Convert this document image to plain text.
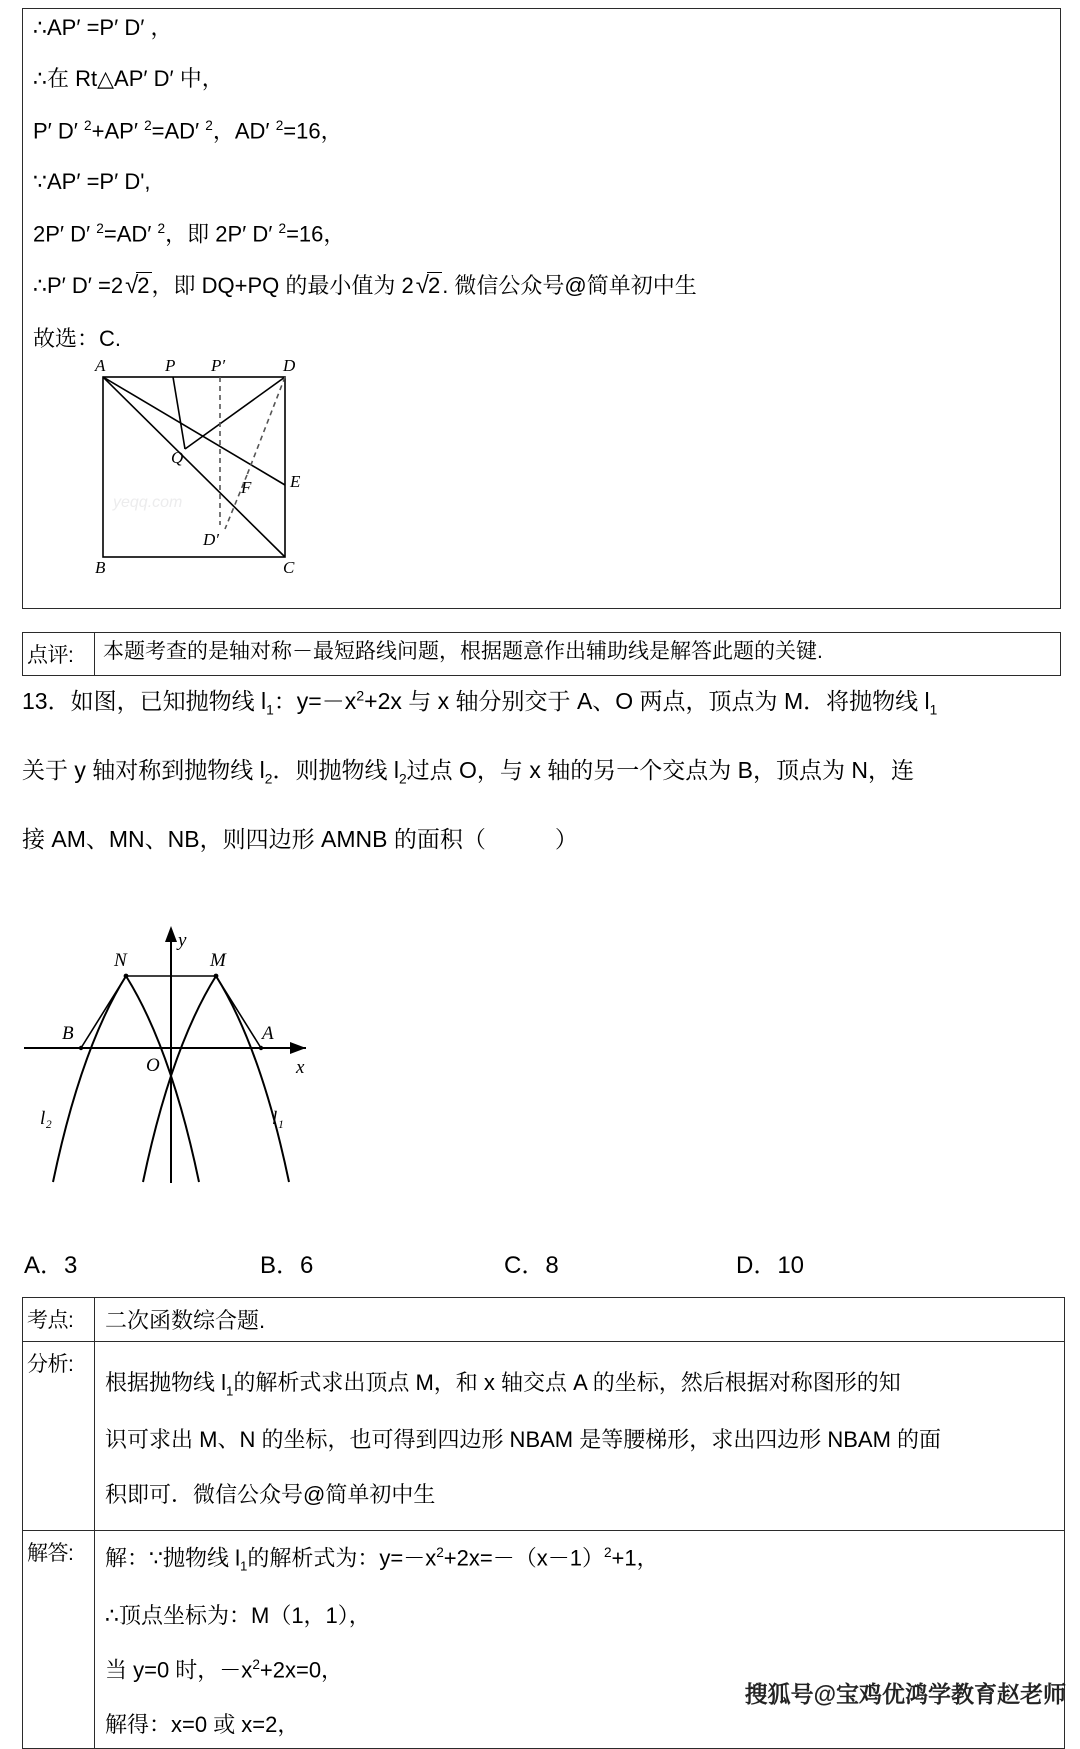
∴AP′ =P′ D′ ，

∴在 Rt△AP′ D′ 中，

P′ D′ $^2$+AP′ $^2$=AD′ $^2$，AD′ $^2$=16，

∵AP′ =P′ D',

2P′ D′ $^2$=AD′ $^2$，即 2P′ D′ $^2$=16，

∴P′ D′ =2√2，即 DQ+PQ 的最小值为 2√2. 微信公众号@简单初中生

故选：C.

A	P P′	D
Q
F E
D′
B	C
yeqq.com
点评:	本题考查的是轴对称－最短路线问题，根据题意作出辅助线是解答此题的关键.

13．如图，已知抛物线 $l_1$：$y=-x^2+2x$ 与 x 轴分别交于 A、O 两点，顶点为 M．将抛物线 $l_1$

关于 y 轴对称到抛物线 $l_2$．则抛物线 $l_2$过点 O，与 x 轴的另一个交点为 B，顶点为 N，连

接 AM、MN、NB，则四边形 AMNB 的面积（　　　）

y
x
O
B
N	M
A
l₂	l₁
A．3	B．6	C．8	D．10
考点:	二次函数综合题.
分析:	根据抛物线 $l_1$的解析式求出顶点 M，和 x 轴交点 A 的坐标，然后根据对称图形的知

识可求出 M、N 的坐标，也可得到四边形 NBAM 是等腰梯形，求出四边形 NBAM 的面

积即可．微信公众号@简单初中生

解答:	解：∵抛物线 $l_1$的解析式为：$y=-x^2+2x=-(x-1)^2+1$，

∴顶点坐标为：M（1，1），

当 y=0 时，$-x^2+2x=0$，

解得：x=0 或 x=2，

搜狐号@宝鸡优鸿学教育赵老师
